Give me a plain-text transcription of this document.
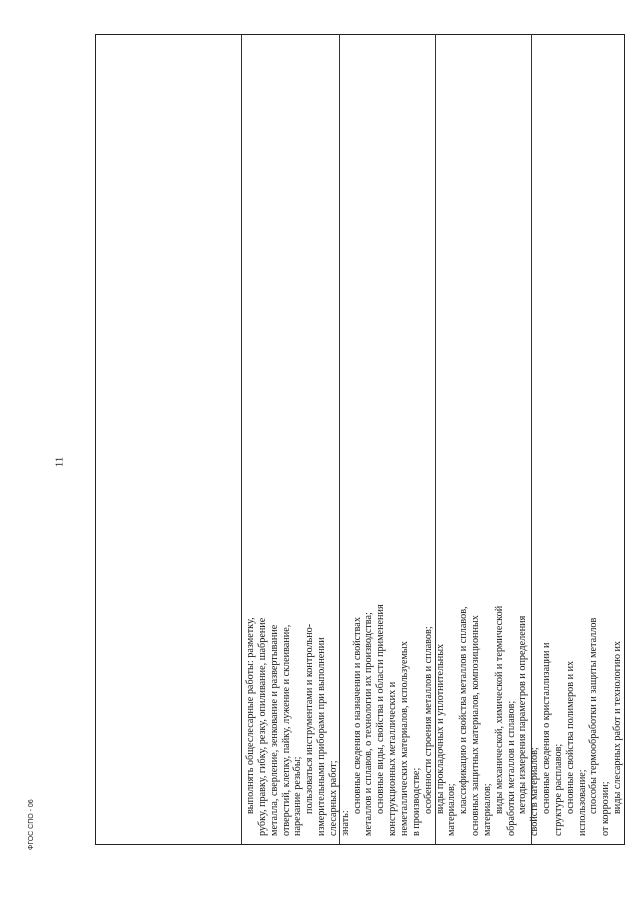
выполнять общеслесарные работы: разметку, рубку, правку, гибку, резку, опиливание, шабрение металла, сверление, зенкование и развертывание отверстий, клепку, пайку, лужение и склеивание, нарезание резьбы; пользоваться инструментами и контрольно- измерительными приборами при выполнении слесарных работ; знать:
основные сведения о назначении и свойствах металлов и сплавов, о технологии их производства; основные виды, свойства и области применения конструкционных металлических и неметаллических материалов, используемых в производстве; особенности строения металлов и сплавов; виды прокладочных и уплотнительных материалов; классификацию и свойства металлов и сплавов, основных защитных материалов, композиционных материалов; виды механической, химической и термической обработки металлов и сплавов; методы измерения параметров и определения свойств материалов; основные сведения о кристаллизации и структуре расплавов; основные свойства полимеров и их использование; способы термообработки и защиты металлов от коррозии; виды слесарных работ и технологию их
11
ФГОС СПО - 06
